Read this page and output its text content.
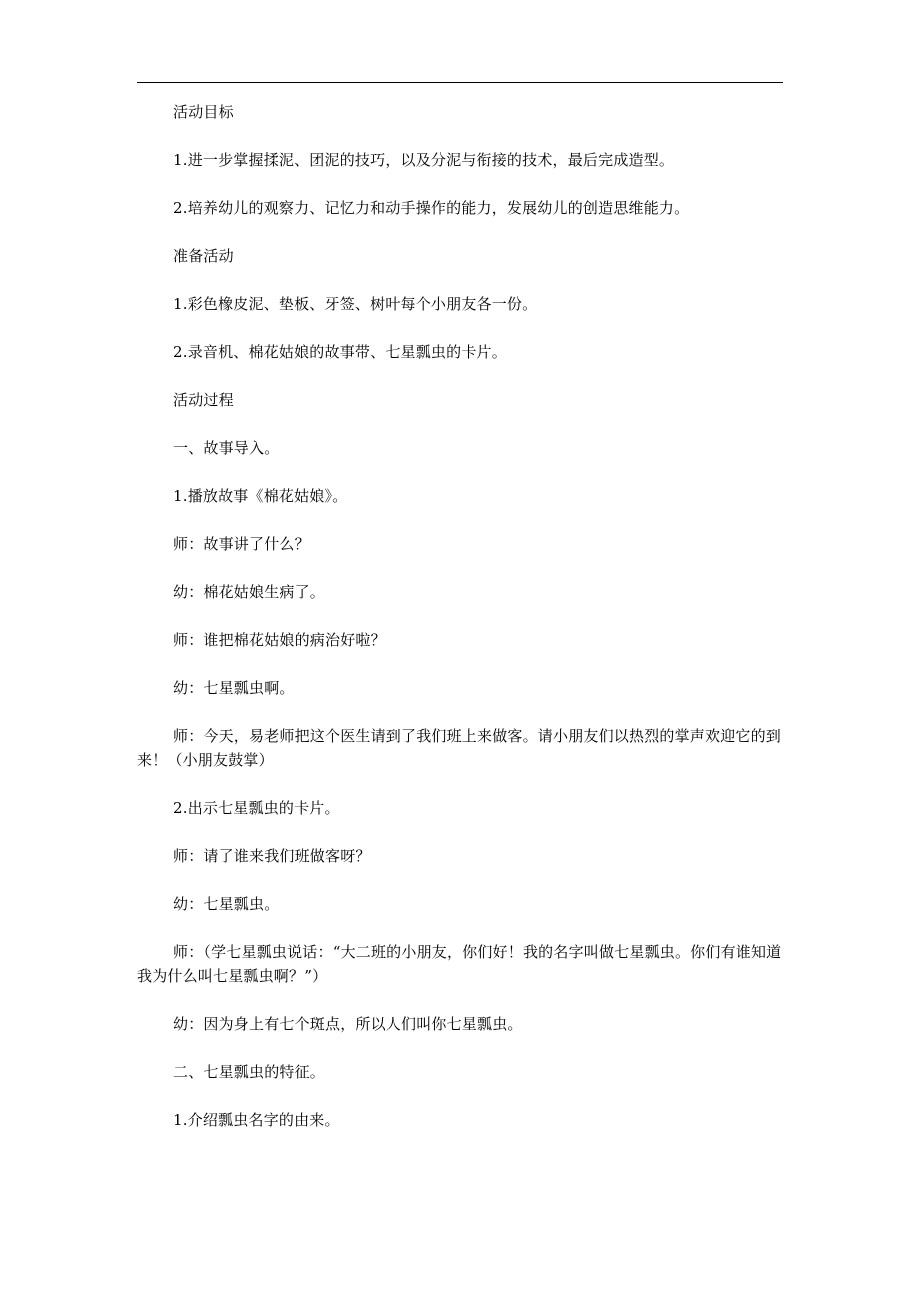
活动目标

1.进一步掌握揉泥、团泥的技巧，以及分泥与衔接的技术，最后完成造型。

2.培养幼儿的观察力、记忆力和动手操作的能力，发展幼儿的创造思维能力。

准备活动

1.彩色橡皮泥、垫板、牙签、树叶每个小朋友各一份。

2.录音机、棉花姑娘的故事带、七星瓢虫的卡片。

活动过程

一、故事导入。

1.播放故事《棉花姑娘》。

师：故事讲了什么？

幼：棉花姑娘生病了。

师：谁把棉花姑娘的病治好啦？

幼：七星瓢虫啊。

师：今天，易老师把这个医生请到了我们班上来做客。请小朋友们以热烈的掌声欢迎它的到来！（小朋友鼓掌）

2.出示七星瓢虫的卡片。

师：请了谁来我们班做客呀？

幼：七星瓢虫。

师：（学七星瓢虫说话：“大二班的小朋友，你们好！我的名字叫做七星瓢虫。你们有谁知道我为什么叫七星瓢虫啊？”）

幼：因为身上有七个斑点，所以人们叫你七星瓢虫。

二、七星瓢虫的特征。

1.介绍瓢虫名字的由来。
